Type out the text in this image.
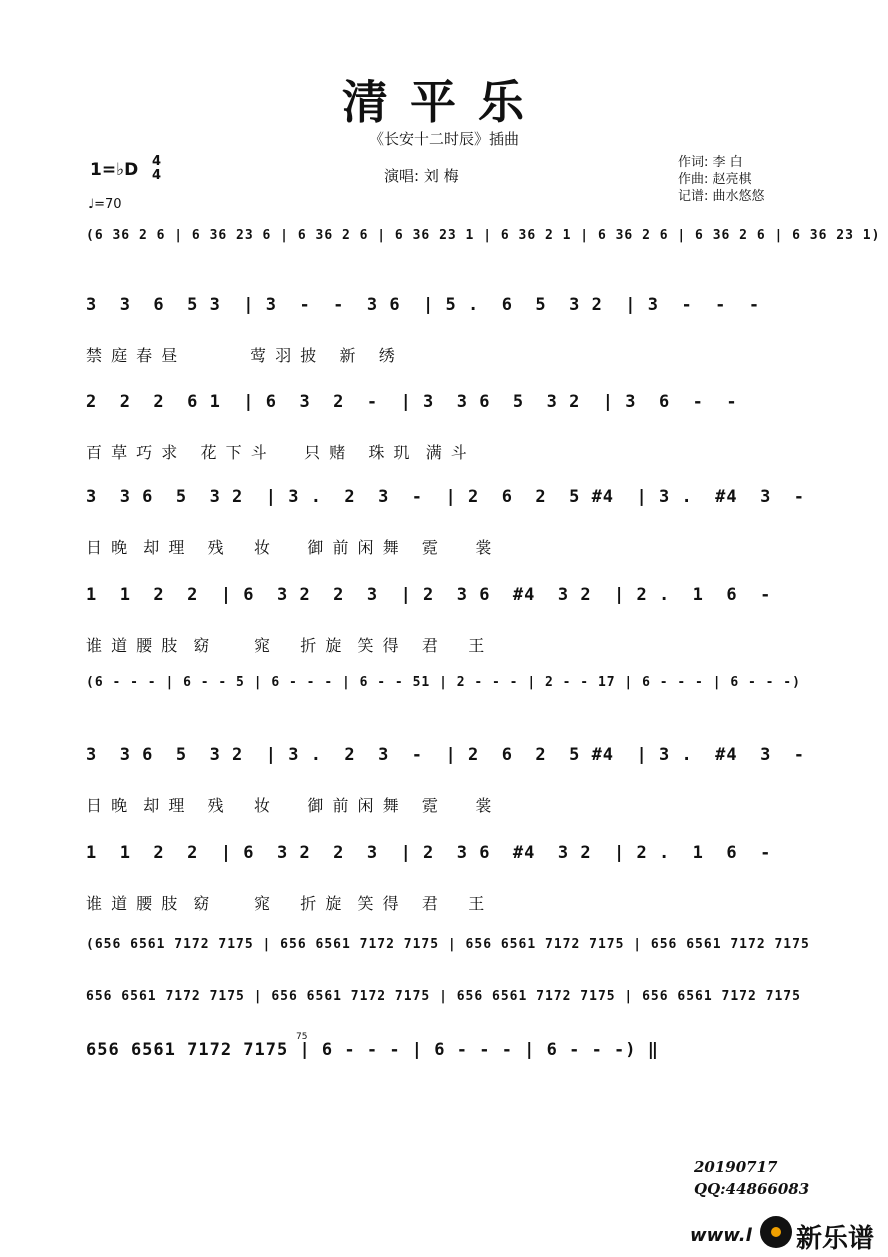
清平乐
《长安十二时辰》插曲
1=♭D 4
4
♩=70
演唱: 刘 梅
作词: 李 白
作曲: 赵亮棋
记谱: 曲水悠悠
(6 36 2 6 | 6 36 23 6 | 6 36 2 6 | 6 36 23 1 | 6 36 2 1 | 6 36 2 6 | 6 36 2 6 | 6 36 23 1)
3  3  6  5 3  | 3  -  -  3 6  | 5 .  6  5  3 2  | 3  -  -  -
禁 庭 春 昼          莺 羽 披   新   绣
2  2  2  6 1  | 6  3  2  -  | 3  3 6  5  3 2  | 3  6  -  -
百 草 巧 求   花 下 斗     只 赌   珠 玑  满 斗
3  3 6  5  3 2  | 3 .  2  3  -  | 2  6  2  5 #4  | 3 .  #4  3  -
日 晚  却 理   残    妆     御 前 闲 舞   霓     裳
1  1  2  2  | 6  3 2  2  3  | 2  3 6  #4  3 2  | 2 .  1  6  -
谁 道 腰 肢  窈      窕    折 旋  笑 得   君    王
(6 - - - | 6 - - 5 | 6 - - - | 6 - - 51 | 2 - - - | 2 - - 17 | 6 - - - | 6 - - -)
3  3 6  5  3 2  | 3 .  2  3  -  | 2  6  2  5 #4  | 3 .  #4  3  -
日 晚  却 理   残    妆     御 前 闲 舞   霓     裳
1  1  2  2  | 6  3 2  2  3  | 2  3 6  #4  3 2  | 2 .  1  6  -
谁 道 腰 肢  窈      窕    折 旋  笑 得   君    王
(656 6561 7172 7175 | 656 6561 7172 7175 | 656 6561 7172 7175 | 656 6561 7172 7175
656 6561 7172 7175 | 656 6561 7172 7175 | 656 6561 7172 7175 | 656 6561 7172 7175
656 6561 7172 7175 | 6 - - - | 6 - - - | 6 - - -) ‖
75
20190717
QQ:44866083
www.l 新乐谱
